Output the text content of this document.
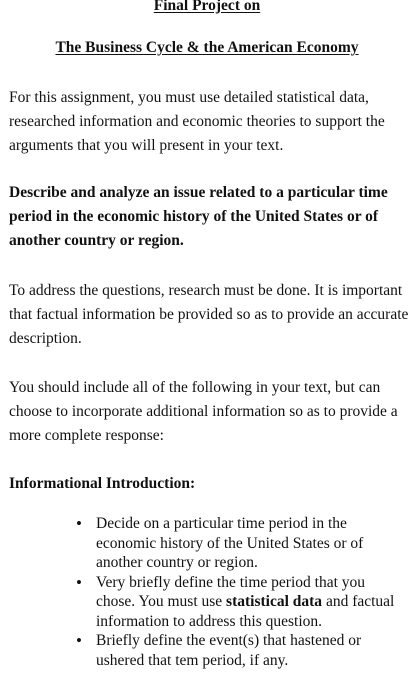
Final Project on
The Business Cycle & the American Economy

For this assignment, you must use detailed statistical data, researched information and economic theories to support the arguments that you will present in your text.

Describe and analyze an issue related to a particular time period in the economic history of the United States or of another country or region.

To address the questions, research must be done. It is important that factual information be provided so as to provide an accurate description.

You should include all of the following in your text, but can choose to incorporate additional information so as to provide a more complete response:

Informational Introduction:

• Decide on a particular time period in the economic history of the United States or of another country or region.
• Very briefly define the time period that you chose. You must use statistical data and factual information to address this question.
• Briefly define the event(s) that hastened or ushered that tem period, if any.
